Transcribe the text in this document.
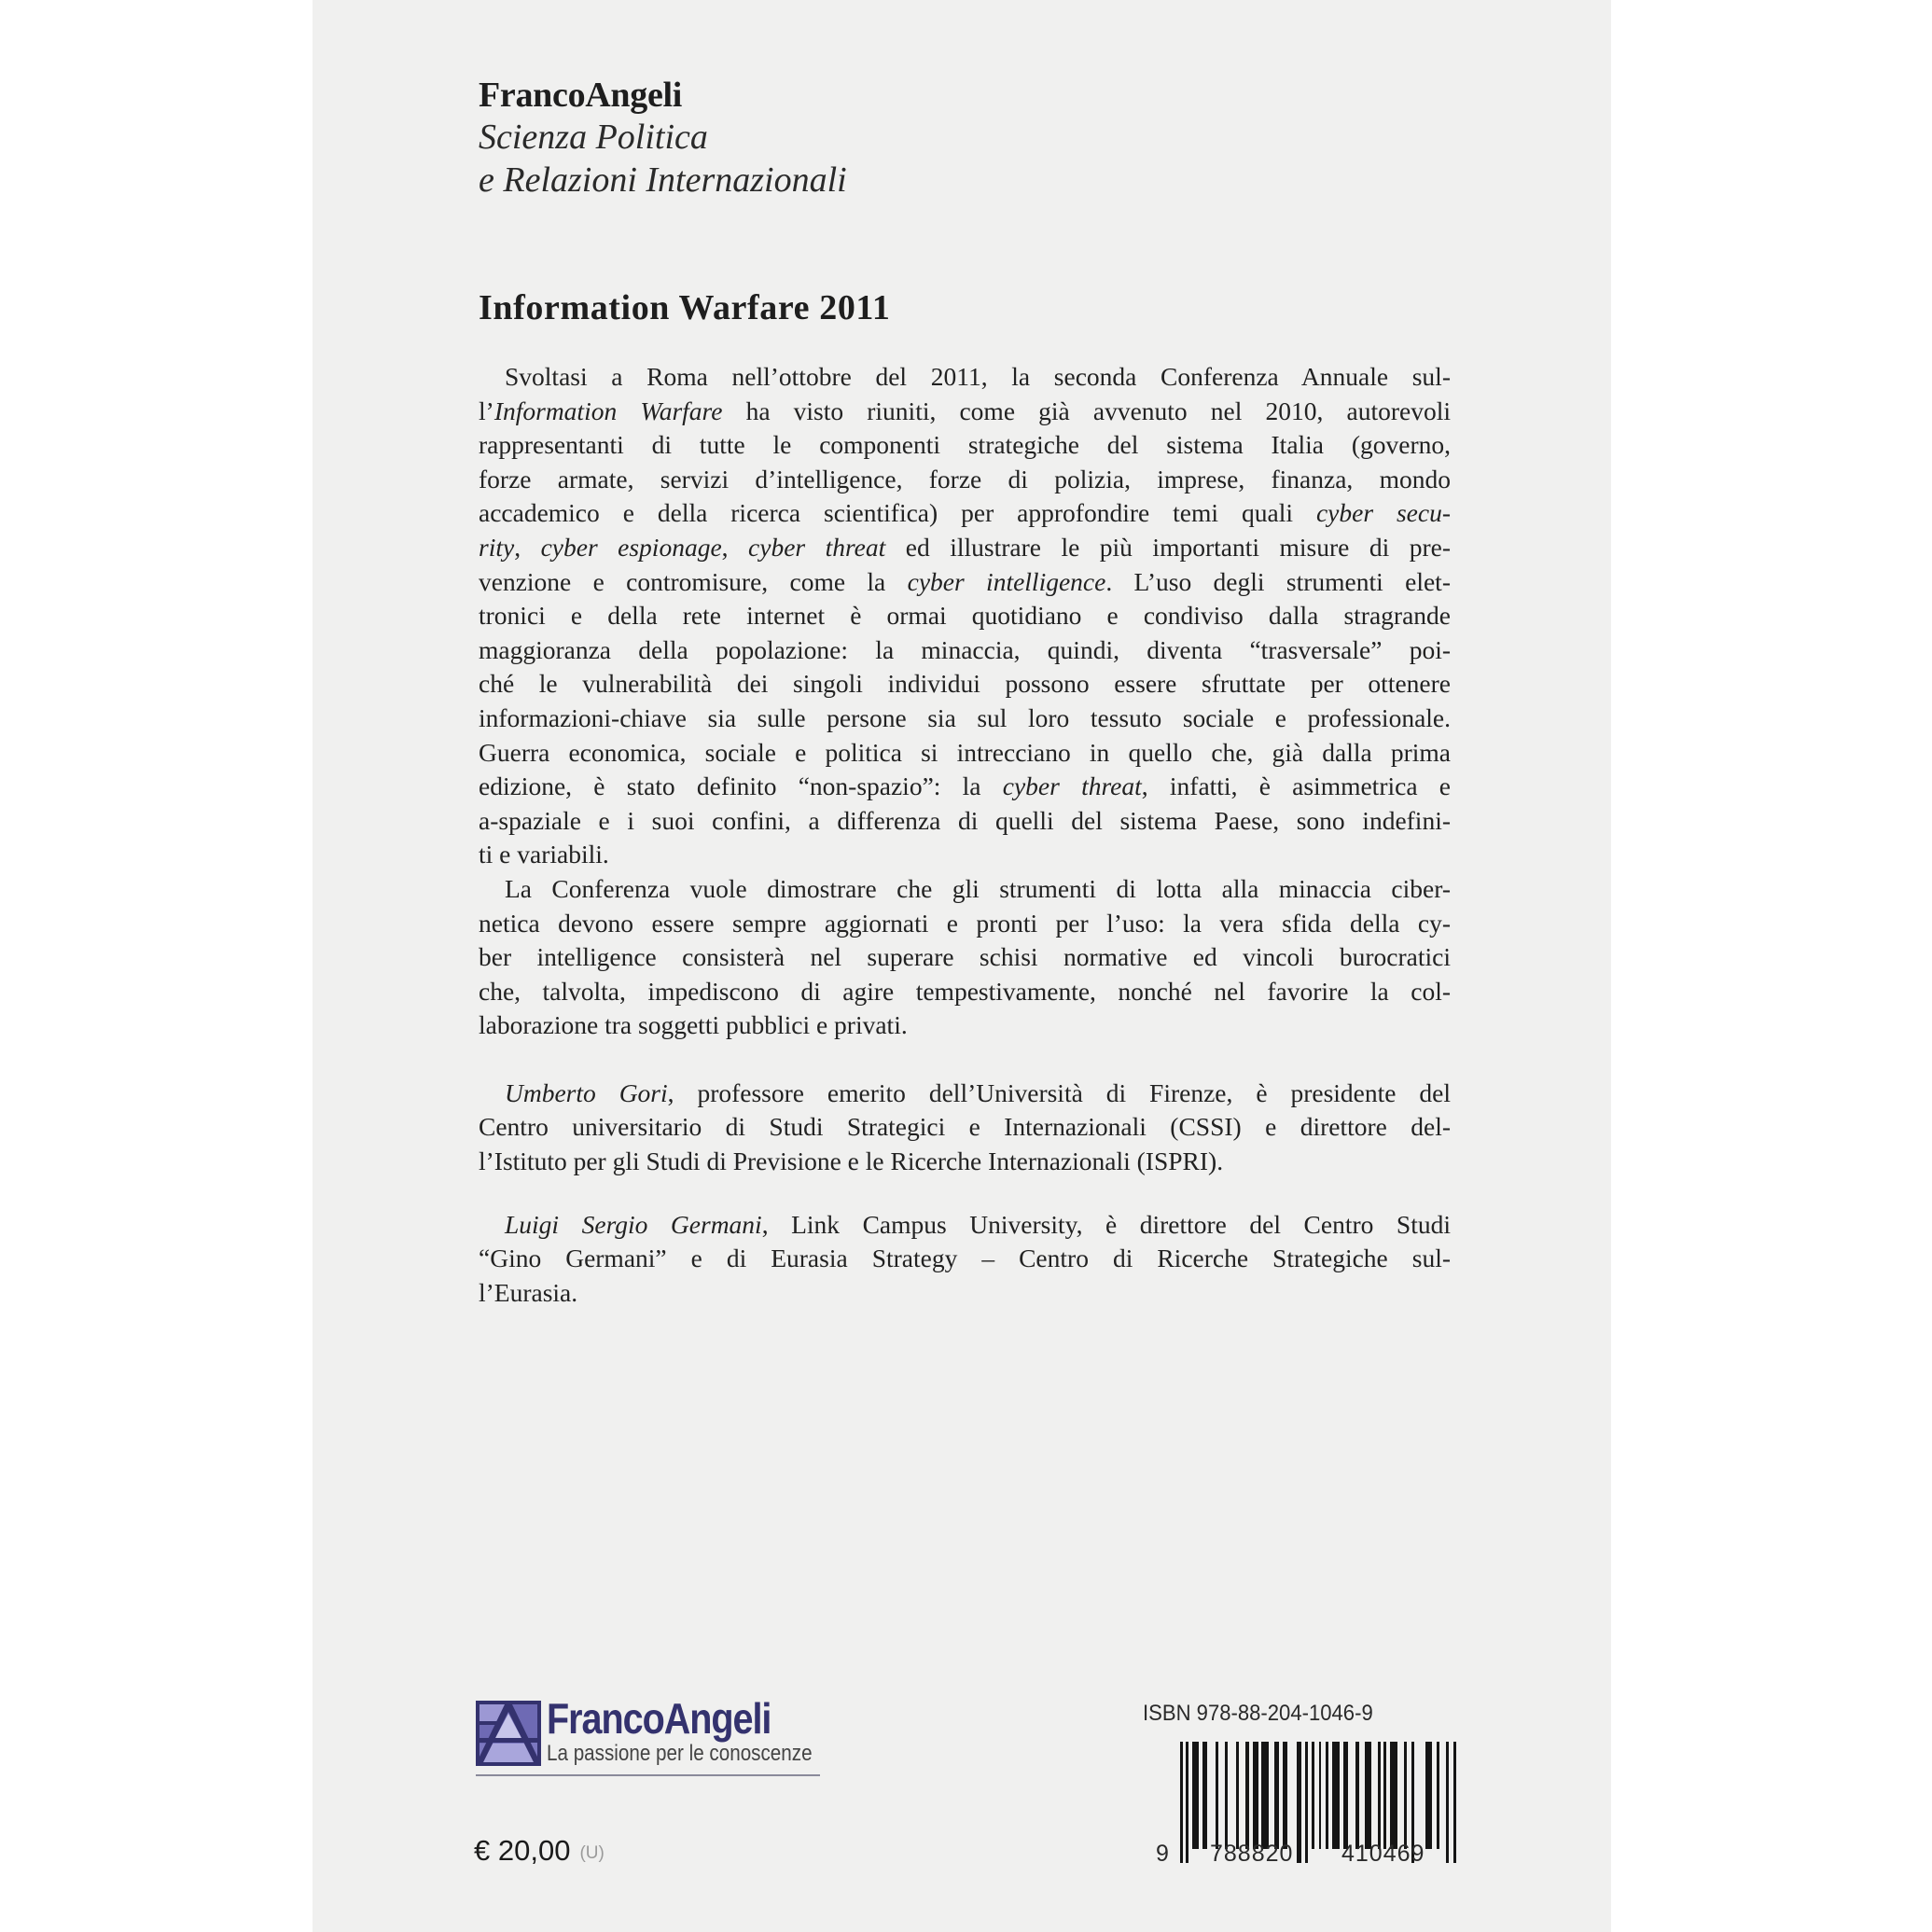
FrancoAngeli
Scienza Politica
e Relazioni Internazionali
Information Warfare 2011
Svoltasi a Roma nell’ottobre del 2011, la seconda Conferenza Annuale sul-
l’Information Warfare ha visto riuniti, come già avvenuto nel 2010, autorevoli
rappresentanti di tutte le componenti strategiche del sistema Italia (governo,
forze armate, servizi d’intelligence, forze di polizia, imprese, finanza, mondo
accademico e della ricerca scientifica) per approfondire temi quali cyber secu-
rity, cyber espionage, cyber threat ed illustrare le più importanti misure di pre-
venzione e contromisure, come la cyber intelligence. L’uso degli strumenti elet-
tronici e della rete internet è ormai quotidiano e condiviso dalla stragrande
maggioranza della popolazione: la minaccia, quindi, diventa “trasversale” poi-
ché le vulnerabilità dei singoli individui possono essere sfruttate per ottenere
informazioni-chiave sia sulle persone sia sul loro tessuto sociale e professionale.
Guerra economica, sociale e politica si intrecciano in quello che, già dalla prima
edizione, è stato definito “non-spazio”: la cyber threat, infatti, è asimmetrica e
a-spaziale e i suoi confini, a differenza di quelli del sistema Paese, sono indefini-
ti e variabili.
La Conferenza vuole dimostrare che gli strumenti di lotta alla minaccia ciber-
netica devono essere sempre aggiornati e pronti per l’uso: la vera sfida della cy-
ber intelligence consisterà nel superare schisi normative ed vincoli burocratici
che, talvolta, impediscono di agire tempestivamente, nonché nel favorire la col-
laborazione tra soggetti pubblici e privati.
Umberto Gori, professore emerito dell’Università di Firenze, è presidente del
Centro universitario di Studi Strategici e Internazionali (CSSI) e direttore del-
l’Istituto per gli Studi di Previsione e le Ricerche Internazionali (ISPRI).
Luigi Sergio Germani, Link Campus University, è direttore del Centro Studi
“Gino Germani” e di Eurasia Strategy – Centro di Ricerche Strategiche sul-
l’Eurasia.
FrancoAngeli
La passione per le conoscenze
€ 20,00 (U)
ISBN 978-88-204-1046-9
9 788820 410469
